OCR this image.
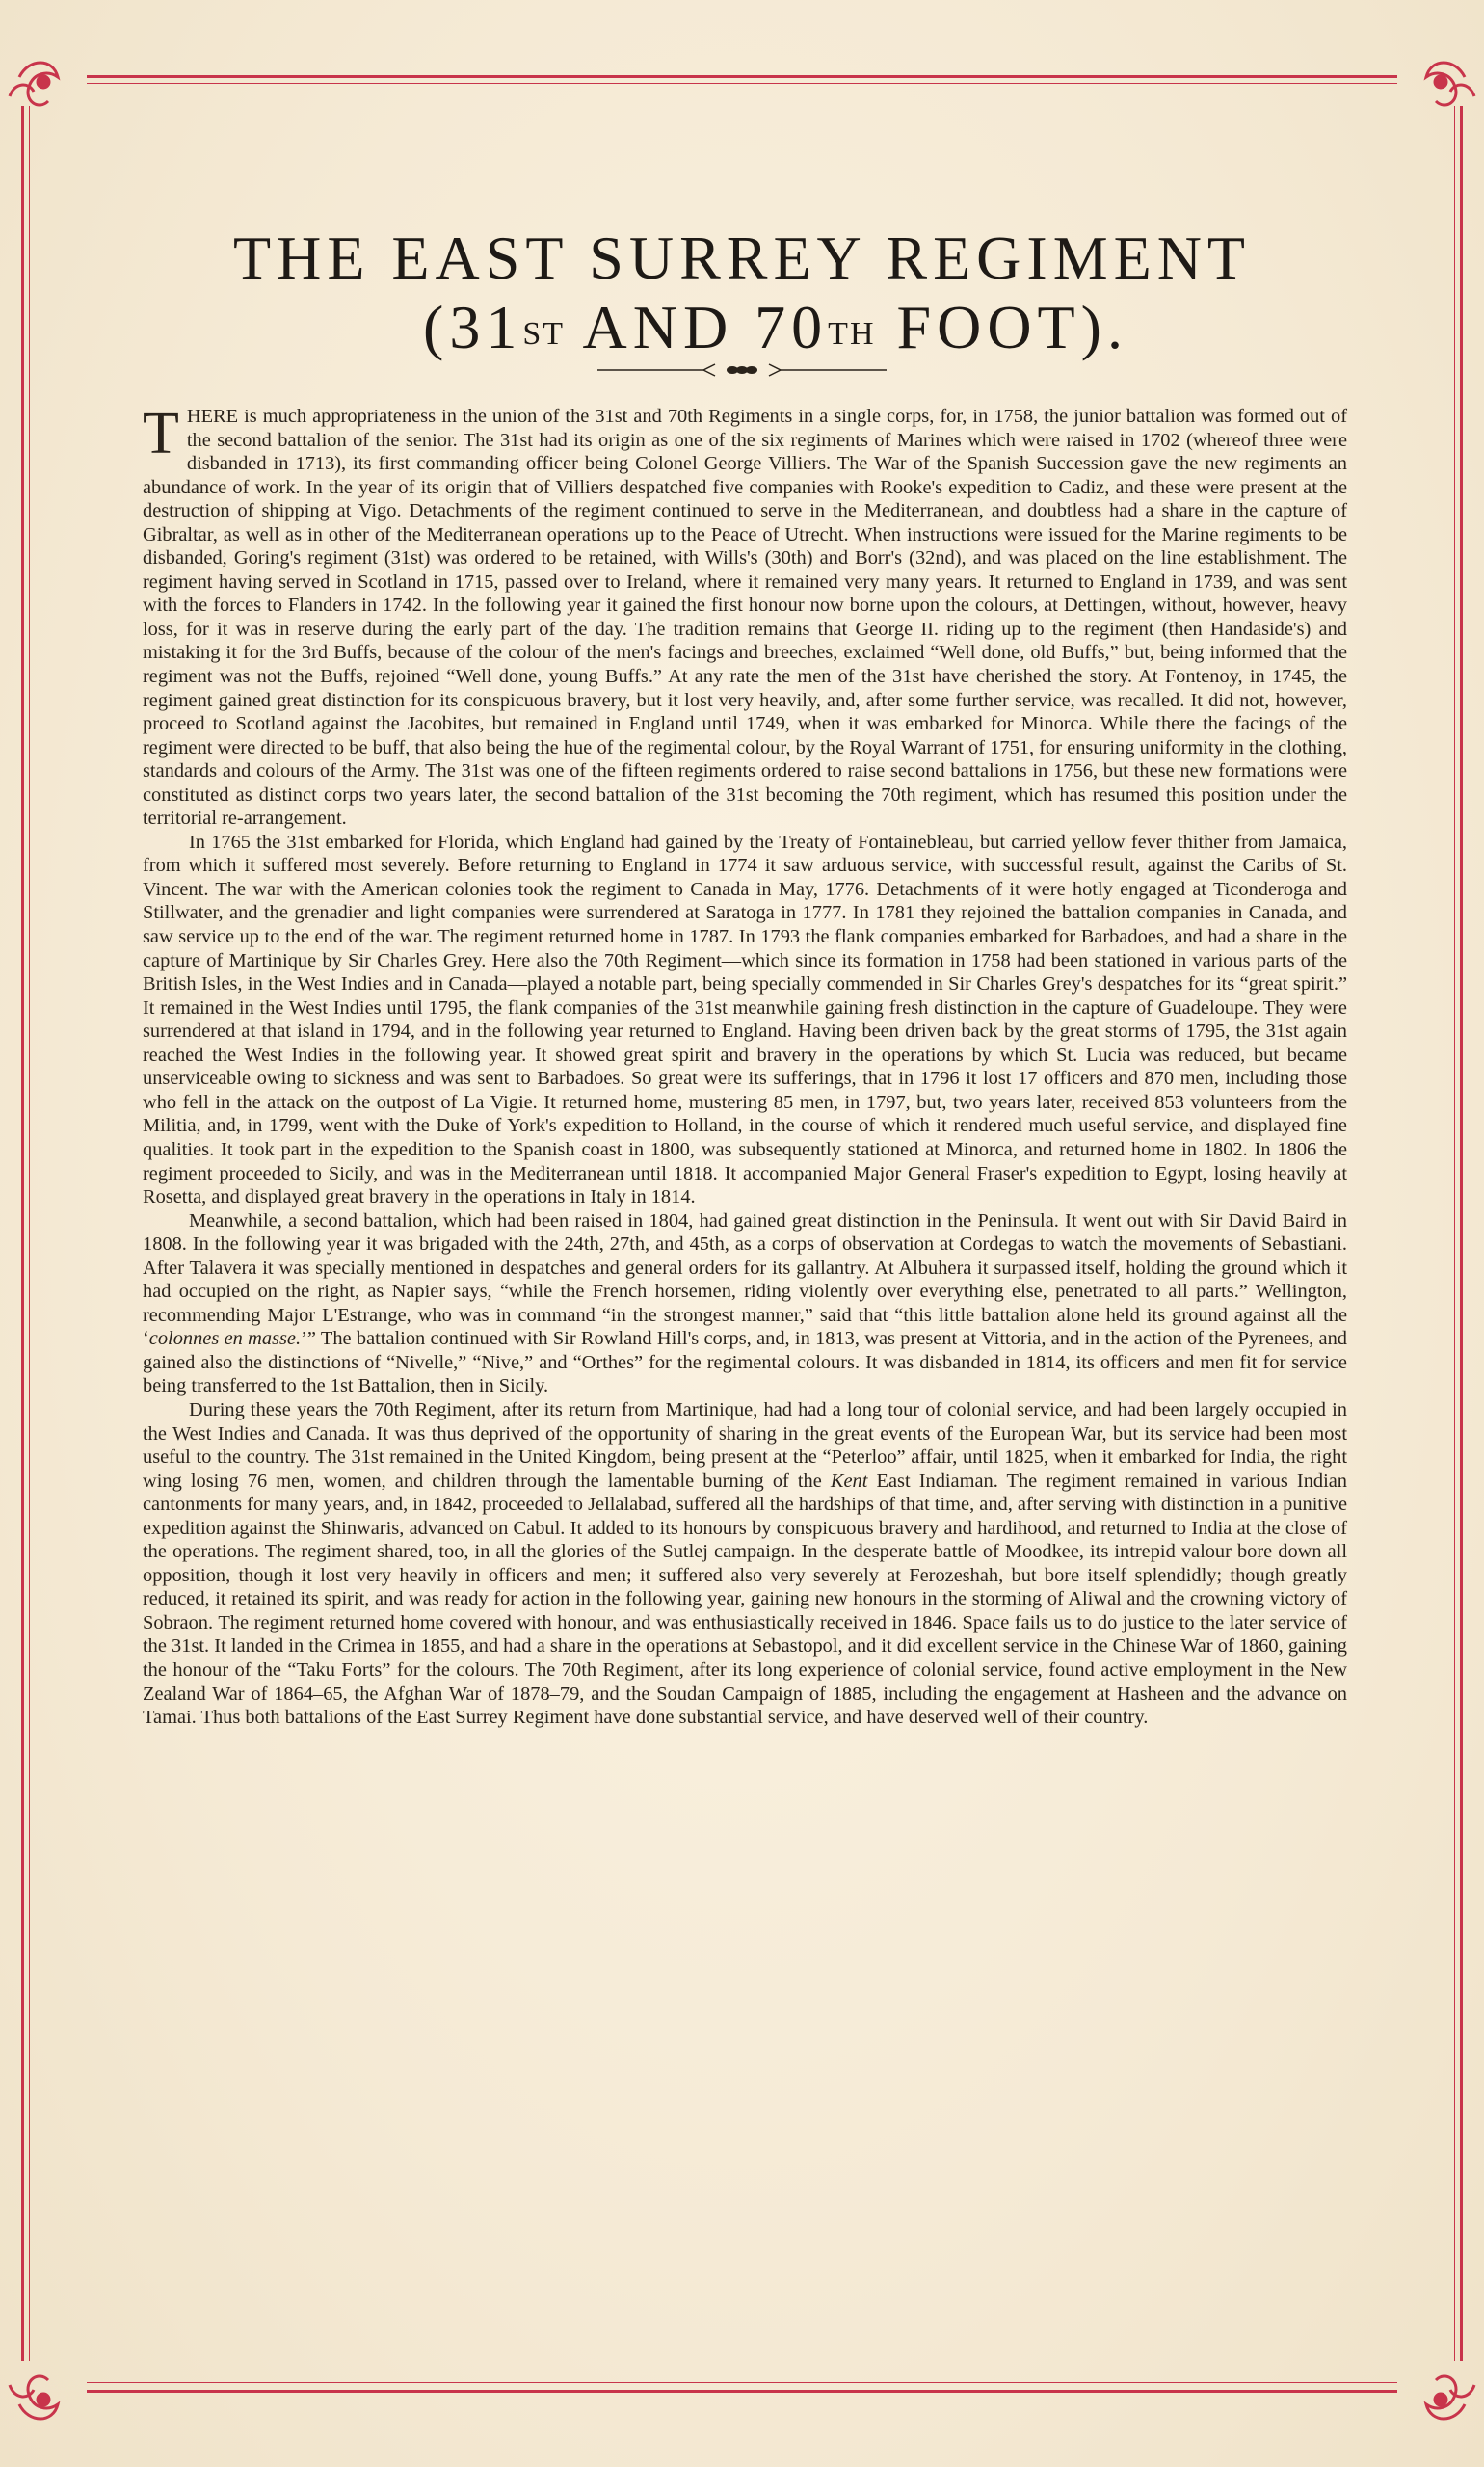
THE EAST SURREY REGIMENT
(31ST AND 70TH FOOT).

THERE is much appropriateness in the union of the 31st and 70th Regiments in a single corps, for, in 1758, the junior battalion was formed out of the second battalion of the senior. The 31st had its origin as one of the six regiments of Marines which were raised in 1702 (whereof three were disbanded in 1713), its first commanding officer being Colonel George Villiers. The War of the Spanish Succession gave the new regiments an abundance of work. In the year of its origin that of Villiers despatched five companies with Rooke's expedition to Cadiz, and these were present at the destruction of shipping at Vigo. Detachments of the regiment continued to serve in the Mediterranean, and doubtless had a share in the capture of Gibraltar, as well as in other of the Mediterranean operations up to the Peace of Utrecht. When instructions were issued for the Marine regiments to be disbanded, Goring's regiment (31st) was ordered to be retained, with Wills's (30th) and Borr's (32nd), and was placed on the line establishment. The regiment having served in Scotland in 1715, passed over to Ireland, where it remained very many years. It returned to England in 1739, and was sent with the forces to Flanders in 1742. In the following year it gained the first honour now borne upon the colours, at Dettingen, without, however, heavy loss, for it was in reserve during the early part of the day. The tradition remains that George II. riding up to the regiment (then Handaside's) and mistaking it for the 3rd Buffs, because of the colour of the men's facings and breeches, exclaimed “Well done, old Buffs,” but, being informed that the regiment was not the Buffs, rejoined “Well done, young Buffs.” At any rate the men of the 31st have cherished the story. At Fontenoy, in 1745, the regiment gained great distinction for its conspicuous bravery, but it lost very heavily, and, after some further service, was recalled. It did not, however, proceed to Scotland against the Jacobites, but remained in England until 1749, when it was embarked for Minorca. While there the facings of the regiment were directed to be buff, that also being the hue of the regimental colour, by the Royal Warrant of 1751, for ensuring uniformity in the clothing, standards and colours of the Army. The 31st was one of the fifteen regiments ordered to raise second battalions in 1756, but these new formations were constituted as distinct corps two years later, the second battalion of the 31st becoming the 70th regiment, which has resumed this position under the territorial re-arrangement.

In 1765 the 31st embarked for Florida, which England had gained by the Treaty of Fontainebleau, but carried yellow fever thither from Jamaica, from which it suffered most severely. Before returning to England in 1774 it saw arduous service, with successful result, against the Caribs of St. Vincent. The war with the American colonies took the regiment to Canada in May, 1776. Detachments of it were hotly engaged at Ticonderoga and Stillwater, and the grenadier and light companies were surrendered at Saratoga in 1777. In 1781 they rejoined the battalion companies in Canada, and saw service up to the end of the war. The regiment returned home in 1787. In 1793 the flank companies embarked for Barbadoes, and had a share in the capture of Martinique by Sir Charles Grey. Here also the 70th Regiment—which since its formation in 1758 had been stationed in various parts of the British Isles, in the West Indies and in Canada—played a notable part, being specially commended in Sir Charles Grey's despatches for its “great spirit.” It remained in the West Indies until 1795, the flank companies of the 31st meanwhile gaining fresh distinction in the capture of Guadeloupe. They were surrendered at that island in 1794, and in the following year returned to England. Having been driven back by the great storms of 1795, the 31st again reached the West Indies in the following year. It showed great spirit and bravery in the operations by which St. Lucia was reduced, but became unserviceable owing to sickness and was sent to Barbadoes. So great were its sufferings, that in 1796 it lost 17 officers and 870 men, including those who fell in the attack on the outpost of La Vigie. It returned home, mustering 85 men, in 1797, but, two years later, received 853 volunteers from the Militia, and, in 1799, went with the Duke of York's expedition to Holland, in the course of which it rendered much useful service, and displayed fine qualities. It took part in the expedition to the Spanish coast in 1800, was subsequently stationed at Minorca, and returned home in 1802. In 1806 the regiment proceeded to Sicily, and was in the Mediterranean until 1818. It accompanied Major General Fraser's expedition to Egypt, losing heavily at Rosetta, and displayed great bravery in the operations in Italy in 1814.

Meanwhile, a second battalion, which had been raised in 1804, had gained great distinction in the Peninsula. It went out with Sir David Baird in 1808. In the following year it was brigaded with the 24th, 27th, and 45th, as a corps of observation at Cordegas to watch the movements of Sebastiani. After Talavera it was specially mentioned in despatches and general orders for its gallantry. At Albuhera it surpassed itself, holding the ground which it had occupied on the right, as Napier says, “while the French horsemen, riding violently over everything else, penetrated to all parts.” Wellington, recommending Major L'Estrange, who was in command “in the strongest manner,” said that “this little battalion alone held its ground against all the ‘colonnes en masse.’” The battalion continued with Sir Rowland Hill's corps, and, in 1813, was present at Vittoria, and in the action of the Pyrenees, and gained also the distinctions of “Nivelle,” “Nive,” and “Orthes” for the regimental colours. It was disbanded in 1814, its officers and men fit for service being transferred to the 1st Battalion, then in Sicily.

During these years the 70th Regiment, after its return from Martinique, had had a long tour of colonial service, and had been largely occupied in the West Indies and Canada. It was thus deprived of the opportunity of sharing in the great events of the European War, but its service had been most useful to the country. The 31st remained in the United Kingdom, being present at the “Peterloo” affair, until 1825, when it embarked for India, the right wing losing 76 men, women, and children through the lamentable burning of the Kent East Indiaman. The regiment remained in various Indian cantonments for many years, and, in 1842, proceeded to Jellalabad, suffered all the hardships of that time, and, after serving with distinction in a punitive expedition against the Shinwaris, advanced on Cabul. It added to its honours by conspicuous bravery and hardihood, and returned to India at the close of the operations. The regiment shared, too, in all the glories of the Sutlej campaign. In the desperate battle of Moodkee, its intrepid valour bore down all opposition, though it lost very heavily in officers and men; it suffered also very severely at Ferozeshah, but bore itself splendidly; though greatly reduced, it retained its spirit, and was ready for action in the following year, gaining new honours in the storming of Aliwal and the crowning victory of Sobraon. The regiment returned home covered with honour, and was enthusiastically received in 1846. Space fails us to do justice to the later service of the 31st. It landed in the Crimea in 1855, and had a share in the operations at Sebastopol, and it did excellent service in the Chinese War of 1860, gaining the honour of the “Taku Forts” for the colours. The 70th Regiment, after its long experience of colonial service, found active employment in the New Zealand War of 1864–65, the Afghan War of 1878–79, and the Soudan Campaign of 1885, including the engagement at Hasheen and the advance on Tamai. Thus both battalions of the East Surrey Regiment have done substantial service, and have deserved well of their country.
